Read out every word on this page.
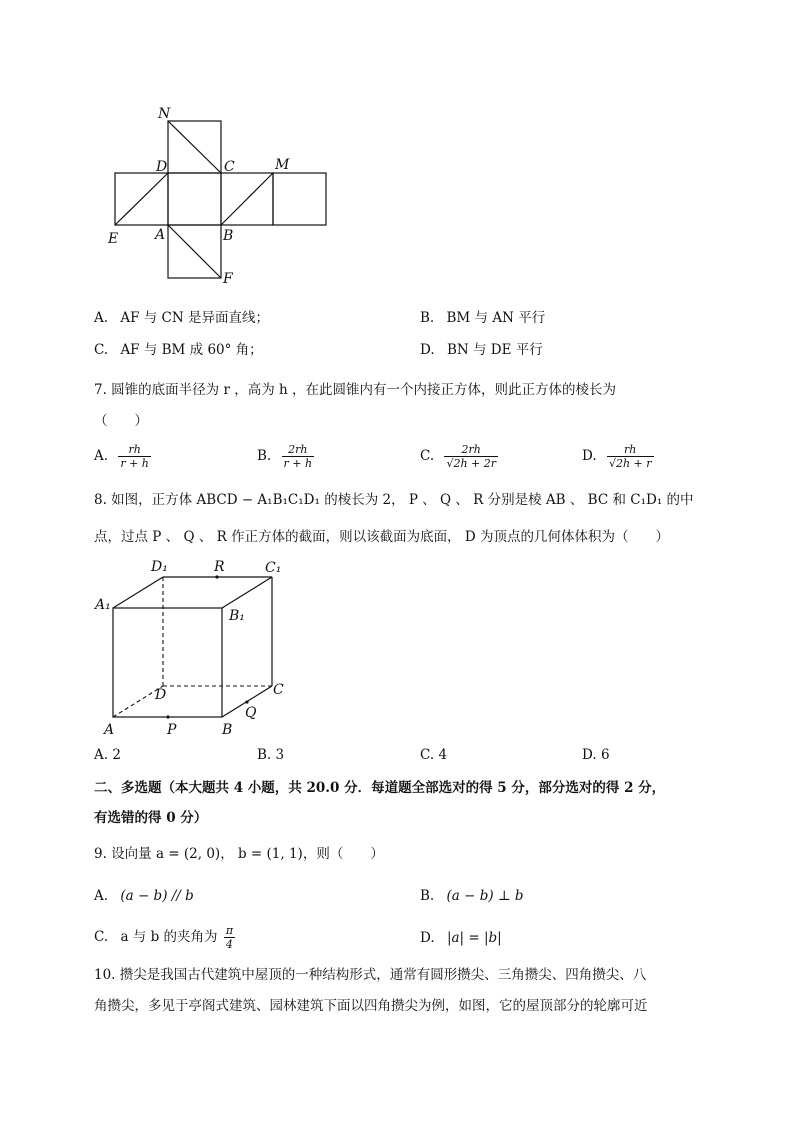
N
D	C	M
E	A	B
F
A. AF 与 CN 是异面直线；	B. BM 与 AN 平行
C. AF 与 BM 成 60° 角；	D. BN 与 DE 平行
7. 圆锥的底面半径为 r ，高为 h ，在此圆锥内有一个内接正方体，则此正方体的棱长为
（　　）
A. $\frac{rh}{r + h}$	B. $\frac{2rh}{r + h}$	C. $\frac{2rh}{√2h + 2r}$	D. $\frac{rh}{√2h + r}$
8. 如图，正方体 ABCD − A₁B₁C₁D₁ 的棱长为 2， P 、 Q 、 R 分别是棱 AB 、 BC 和 C₁D₁ 的中
点，过点 P 、 Q 、 R 作正方体的截面，则以该截面为底面， D 为顶点的几何体体积为（　　）
D₁	R	C₁
A₁
B₁
D	C
A	P	B
Q
A. 2	B. 3	C. 4	D. 6
二、多选题（本大题共 4 小题，共 20.0 分．每道题全部选对的得 5 分，部分选对的得 2 分，
有选错的得 0 分）
9. 设向量 a = (2, 0)， b = (1, 1)，则（　　）
A. (a − b) // b	B. (a − b) ⊥ b
C. a 与 b 的夹角为 $\frac{\pi}{4}$	D. |a| = |b|
10. 攒尖是我国古代建筑中屋顶的一种结构形式，通常有圆形攒尖、三角攒尖、四角攒尖、八
角攒尖，多见于亭阁式建筑、园林建筑下面以四角攒尖为例，如图，它的屋顶部分的轮廓可近
